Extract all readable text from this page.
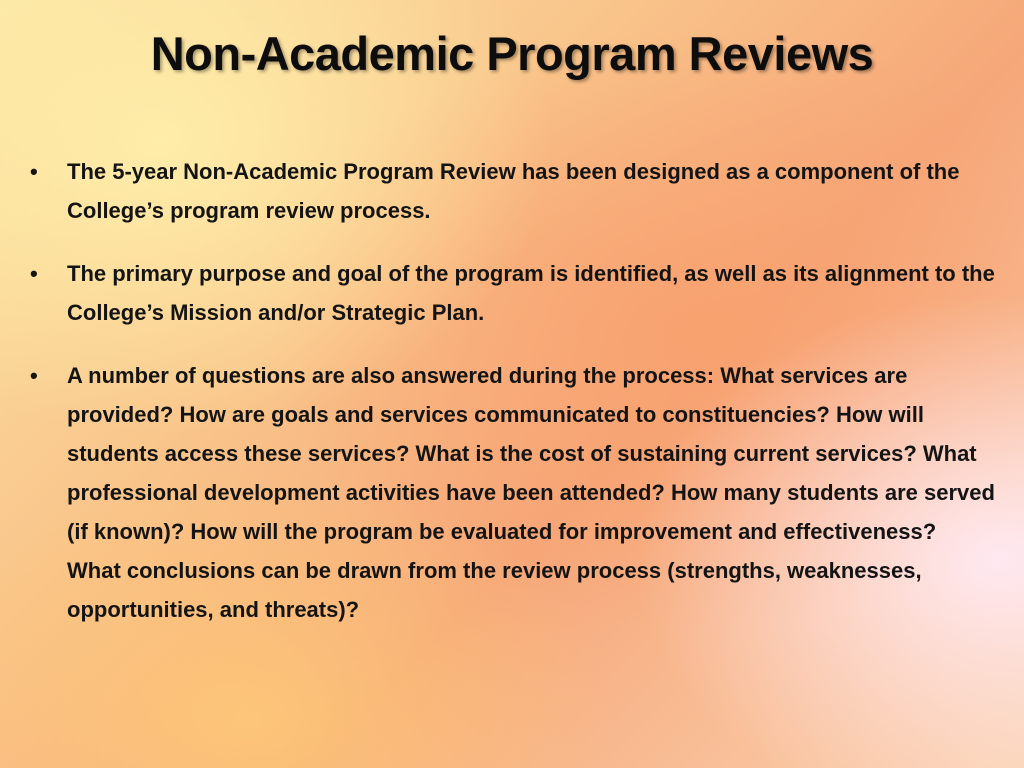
Non-Academic Program Reviews
• The 5-year Non-Academic Program Review has been designed as a component of the College’s program review process.
• The primary purpose and goal of the program is identified, as well as its alignment to the College’s Mission and/or Strategic Plan.
• A number of questions are also answered during the process: What services are provided? How are goals and services communicated to constituencies? How will students access these services? What is the cost of sustaining current services? What professional development activities have been attended? How many students are served (if known)? How will the program be evaluated for improvement and effectiveness? What conclusions can be drawn from the review process (strengths, weaknesses, opportunities, and threats)?
